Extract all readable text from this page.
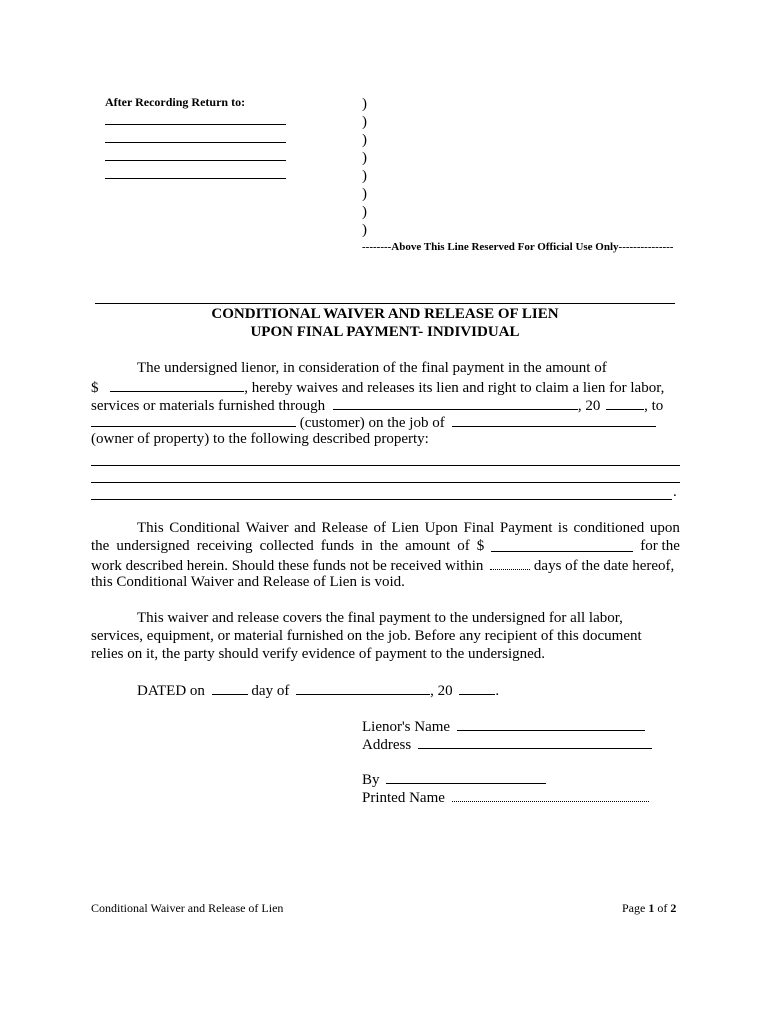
After Recording Return to:	)
)
)
)
)
)
)
)
--------Above This Line Reserved For Official Use Only---------------
CONDITIONAL WAIVER AND RELEASE OF LIEN
UPON FINAL PAYMENT- INDIVIDUAL
The undersigned lienor, in consideration of the final payment in the amount of
$	, hereby waives and releases its lien and right to claim a lien for labor,
services or materials furnished through	, 20	, to
(customer) on the job of
(owner of property) to the following described property:
.
This Conditional Waiver and Release of Lien Upon Final Payment is conditioned upon
the undersigned receiving collected funds in the amount of $	for the
work described herein. Should these funds not be received within	days of the date hereof,
this Conditional Waiver and Release of Lien is void.
This waiver and release covers the final payment to the undersigned for all labor,
services, equipment, or material furnished on the job. Before any recipient of this document
relies on it, the party should verify evidence of payment to the undersigned.
DATED on	day of	, 20	.
Lienor's Name
Address
By
Printed Name
Conditional Waiver and Release of Lien	Page 1 of 2
